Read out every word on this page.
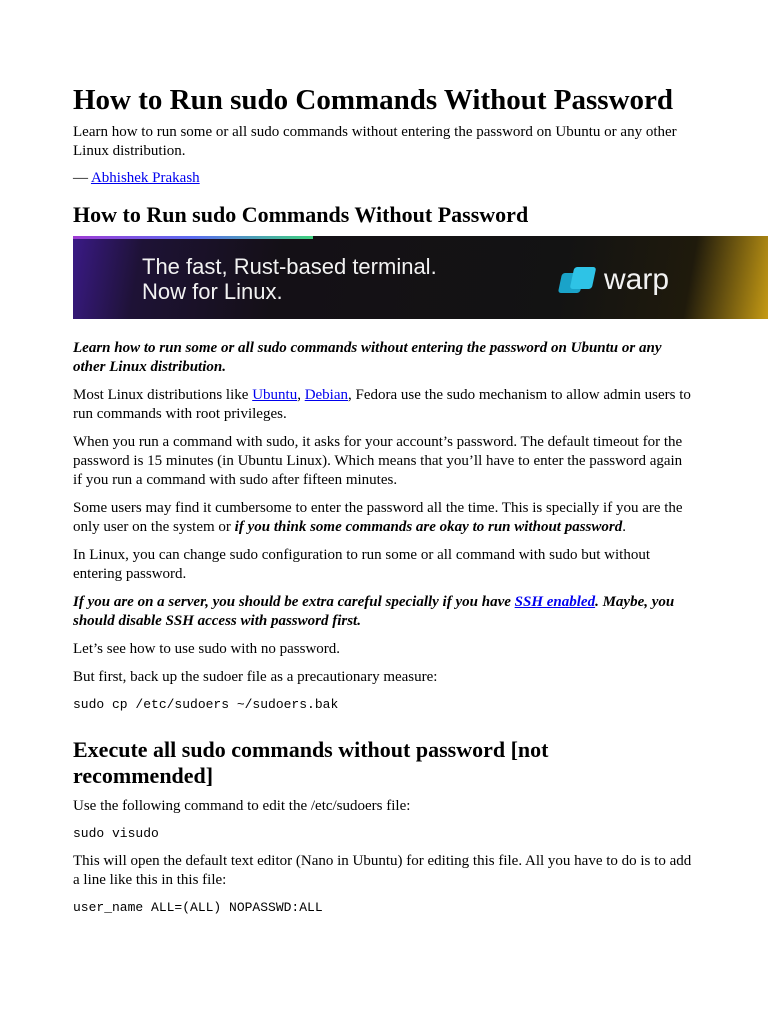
How to Run sudo Commands Without Password

Learn how to run some or all sudo commands without entering the password on Ubuntu or any other Linux distribution.

— Abhishek Prakash
How to Run sudo Commands Without Password
The fast, Rust-based terminal.
Now for Linux.	warp

Learn how to run some or all sudo commands without entering the password on Ubuntu or any other Linux distribution.

Most Linux distributions like Ubuntu, Debian, Fedora use the sudo mechanism to allow admin users to run commands with root privileges.

When you run a command with sudo, it asks for your account’s password. The default timeout for the password is 15 minutes (in Ubuntu Linux). Which means that you’ll have to enter the password again if you run a command with sudo after fifteen minutes.

Some users may find it cumbersome to enter the password all the time. This is specially if you are the only user on the system or if you think some commands are okay to run without password.

In Linux, you can change sudo configuration to run some or all command with sudo but without entering password.

If you are on a server, you should be extra careful specially if you have SSH enabled. Maybe, you should disable SSH access with password first.

Let’s see how to use sudo with no password.

But first, back up the sudoer file as a precautionary measure:

sudo cp /etc/sudoers ~/sudoers.bak
Execute all sudo commands without password [not recommended]

Use the following command to edit the /etc/sudoers file:

sudo visudo

This will open the default text editor (Nano in Ubuntu) for editing this file. All you have to do is to add a line like this in this file:

user_name ALL=(ALL) NOPASSWD:ALL
